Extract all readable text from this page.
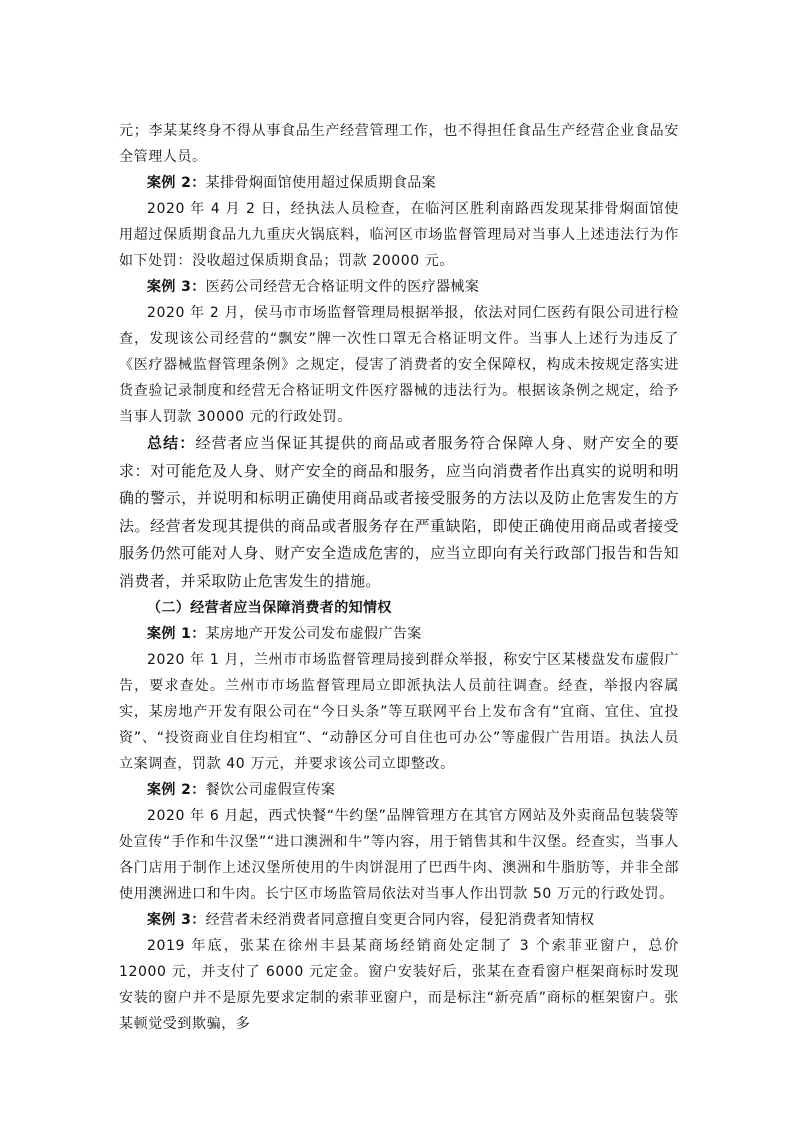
元；李某某终身不得从事食品生产经营管理工作，也不得担任食品生产经营企业食品安全管理人员。

案例 2：某排骨焖面馆使用超过保质期食品案

2020 年 4 月 2 日，经执法人员检查，在临河区胜利南路西发现某排骨焖面馆使用超过保质期食品九九重庆火锅底料，临河区市场监督管理局对当事人上述违法行为作如下处罚：没收超过保质期食品；罚款 20000 元。

案例 3：医药公司经营无合格证明文件的医疗器械案

2020 年 2 月，侯马市市场监督管理局根据举报，依法对同仁医药有限公司进行检查，发现该公司经营的“飘安”牌一次性口罩无合格证明文件。当事人上述行为违反了《医疗器械监督管理条例》之规定，侵害了消费者的安全保障权，构成未按规定落实进货查验记录制度和经营无合格证明文件医疗器械的违法行为。根据该条例之规定，给予当事人罚款 30000 元的行政处罚。

总结：经营者应当保证其提供的商品或者服务符合保障人身、财产安全的要求：对可能危及人身、财产安全的商品和服务，应当向消费者作出真实的说明和明确的警示，并说明和标明正确使用商品或者接受服务的方法以及防止危害发生的方法。经营者发现其提供的商品或者服务存在严重缺陷，即使正确使用商品或者接受服务仍然可能对人身、财产安全造成危害的，应当立即向有关行政部门报告和告知消费者，并采取防止危害发生的措施。

（二）经营者应当保障消费者的知情权

案例 1：某房地产开发公司发布虚假广告案

2020 年 1 月，兰州市市场监督管理局接到群众举报，称安宁区某楼盘发布虚假广告，要求查处。兰州市市场监督管理局立即派执法人员前往调查。经查，举报内容属实，某房地产开发有限公司在“今日头条”等互联网平台上发布含有“宜商、宜住、宜投资”、“投资商业自住均相宜”、“动静区分可自住也可办公”等虚假广告用语。执法人员立案调查，罚款 40 万元，并要求该公司立即整改。

案例 2：餐饮公司虚假宣传案

2020 年 6 月起，西式快餐“牛约堡”品牌管理方在其官方网站及外卖商品包装袋等处宣传“手作和牛汉堡”“进口澳洲和牛”等内容，用于销售其和牛汉堡。经查实，当事人各门店用于制作上述汉堡所使用的牛肉饼混用了巴西牛肉、澳洲和牛脂肪等，并非全部使用澳洲进口和牛肉。长宁区市场监管局依法对当事人作出罚款 50 万元的行政处罚。

案例 3：经营者未经消费者同意擅自变更合同内容，侵犯消费者知情权

2019 年底，张某在徐州丰县某商场经销商处定制了 3 个索菲亚窗户，总价 12000 元，并支付了 6000 元定金。窗户安装好后，张某在查看窗户框架商标时发现安装的窗户并不是原先要求定制的索菲亚窗户，而是标注“新亮盾”商标的框架窗户。张某顿觉受到欺骗，多
